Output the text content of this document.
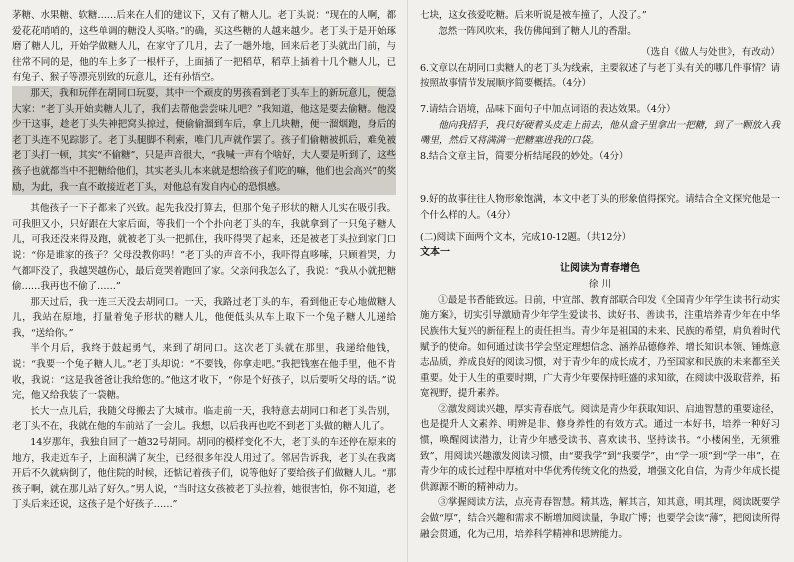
茅糖、水果糖、软糖……后来在人们的建议下，又有了糖人儿。老丁头说：“现在的人啊，都爱花花哨哨的，这些单调的糖没人买咯。”的确，买这些糖的人越来越少。老丁头于是开始琢磨了糖人儿，开始学做糖人儿，在家守了几月，去了一趟外地，回来后老丁头就出门前，与往常不同的是，他的车上多了一根杆子，上面插了一把稻草，稻草上插着十几个糖人儿，已有兔子、猴子等漂亮别致的玩意儿，还有孙悟空。

那天，我和玩伴在胡同口玩耍，其中一个顽皮的男孩看到老丁头车上的新玩意儿，便急大家：“老丁头开始卖糖人儿了，我们去帮他尝尝味儿吧？”我知道，他这是要去偷糖。他没少干这事，趁老丁头失神把窝头掠过，便偷偷溜到车后，拿上几块糖，便一溜烟跑，身后的老丁头连不见踪影了。老丁头腿脚不利索，唯门几声就作罢了。孩子们偷糖被抓后，难免被老丁头打一顿，其实“不偷糖”，只是声音很大，“我喊一声有个啥好，大人要是听到了，这些孩子也就都当中不把糖给他们，其实老头儿本来就是想给孩子们吃的嘛，他们也会高兴”的奖励，为此，我一直不敢接近老丁头，对他总有发自内心的恐惧感。

其他孩子一下子都来了兴致。起先我没打算去，但那个兔子形状的糖人儿实在吸引我。可我胆又小，只好跟在大家后面，等我们一个个扑向老丁头的车，我就拿到了一只兔子糖人儿，可我还没来得及跑，就被老丁头一把抓住，我吓得哭了起来，还是被老丁头拉到家门口说：“你是谁家的孩子？父母没教你吗！”老丁头的声音不小，我吓得直哆嗦，只顾着哭，力气都吓没了，我越哭越伤心，最后竟哭着跑回了家。父亲问我怎么了，我说：“我从小就把糖偷……我再也不偷了……”

那天过后，我一连三天没去胡同口。一天，我路过老丁头的车，看到他正专心地做糖人儿，我站在原地，打量着兔子形状的糖人儿，他便低头从车上取下一个兔子糖人儿递给我，“送给你。”

半个月后，我终于鼓起勇气，来到了胡同口。这次老丁头就在那里，我递给他钱，说：“我要一个兔子糖人儿。”老丁头却说：“不要钱，你拿走吧。”我把钱塞在他手里，他不肯收，我说：“这是我爸爸让我给您的。”他这才收下，“你是个好孩子，以后要听父母的话。”说完，他又给我装了一袋糖。

长大一点儿后，我随父母搬去了大城市。临走前一天，我特意去胡同口和老丁头告别，老丁头不在，我就在他的车前站了一会儿。我想，以后我再也吃不到老丁头做的糖人儿了。

14岁那年，我独自回了一趟32号胡同。胡同的模样变化不大，老丁头的车还停在原来的地方，我走近车子，上面积满了灰尘，已经很多年没人用过了。邻居告诉我，老丁头在我离开后不久就病倒了，他住院的时候，还惦记着孩子们，说等他好了要给孩子们做糖人儿。“那孩子啊，就在那儿站了好久。”男人说，“当时这女孩被老丁头拉着，她很害怕，你不知道，老丁头后来还说，这孩子是个好孩子……”

七块，这女孩爱吃糖。后来听说是被车撞了，人没了。”

忽然一阵风吹来，我仿佛闻到了糖人儿的香甜。

（选自《做人与处世》，有改动）

6.文章以在胡同口卖糖人的老丁头为线索，主要叙述了与老丁头有关的哪几件事情？请按照故事情节发展顺序简要概括。（4分）

7.请结合语境，品味下面句子中加点词语的表达效果。（4分）

他向我招手，我只好硬着头皮走上前去，他从盒子里拿出一把糖，到了一颗放入我嘴里，然后又将满满一把糖塞进我的口袋。

8.结合文章主旨，简要分析结尾段的妙处。（4分）

9.好的故事往往人物形象饱满，本文中老丁头的形象值得探究。请结合全文探究他是一个什么样的人。（4分）

(二)阅读下面两个文本，完成10-12题。（共12分）

文本一

让阅读为青春增色

徐 川

①最是书香能致远。日前，中宣部、教育部联合印发《全国青少年学生读书行动实施方案》，切实引导激励青少年学生爱读书、读好书、善读书，注重培养青少年在中华民族伟大复兴的新征程上的责任担当。青少年是祖国的未来、民族的希望，肩负着时代赋予的使命。如何通过读书学会坚定理想信念、涵养品德修养、增长知识本领、锤炼意志品质，养成良好的阅读习惯，对于青少年的成长成才，乃至国家和民族的未来都至关重要。处于人生的重要时期，广大青少年要保持旺盛的求知欲，在阅读中汲取营养，拓宽视野，提升素养。

②激发阅读兴趣，厚实青春底气。阅读是青少年获取知识、启迪智慧的重要途径，也是提升人文素养、明辨是非、修身养性的有效方式。通过一本好书，培养一种好习惯，唤醒阅读潜力，让青少年感受读书、喜欢读书、坚持读书。“小楼闲坐，无须雅致”，用阅读兴趣激发阅读习惯，由“要我学”到“我要学”，由“学一项”到“学一串”，在青少年的成长过程中厚植对中华优秀传统文化的热爱，增强文化自信，为青少年成长提供源源不断的精神动力。

③掌握阅读方法，点亮青春智慧。精其选，解其言，知其意，明其理，阅读既要学会做“厚”，结合兴趣和需求不断增加阅读量，争取广博；也要学会读“薄”，把阅读所得融会贯通，化为己用，培养科学精神和思辨能力。
